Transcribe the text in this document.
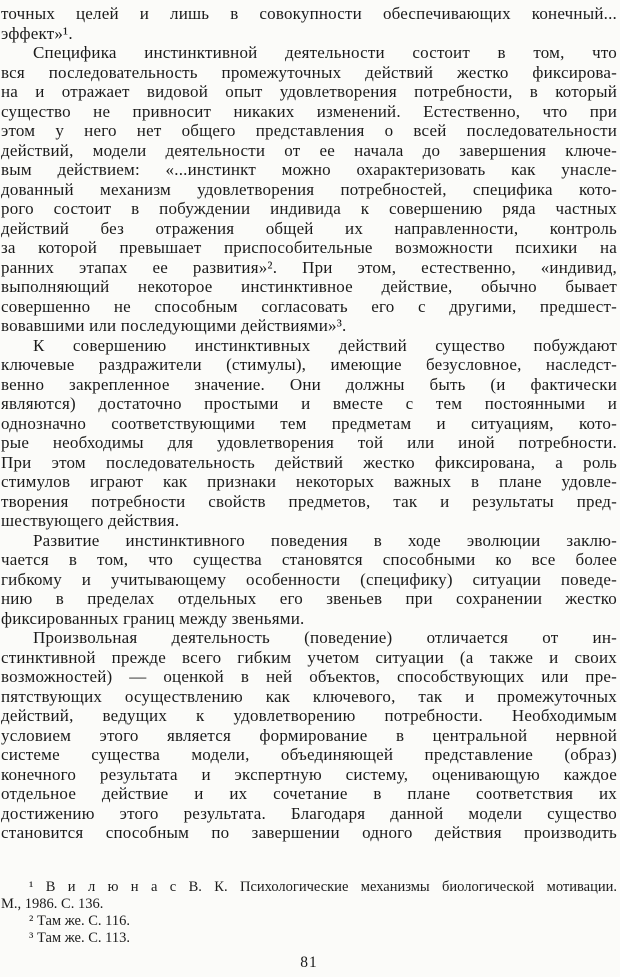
точных целей и лишь в совокупности обеспечивающих конечный...
эффект»¹.
Специфика инстинктивной деятельности состоит в том, что
вся последовательность промежуточных действий жестко фиксирова-
на и отражает видовой опыт удовлетворения потребности, в который
существо не привносит никаких изменений. Естественно, что при
этом у него нет общего представления о всей последовательности
действий, модели деятельности от ее начала до завершения ключе-
вым действием: «...инстинкт можно охарактеризовать как унасле-
дованный механизм удовлетворения потребностей, специфика кото-
рого состоит в побуждении индивида к совершению ряда частных
действий без отражения общей их направленности, контроль
за которой превышает приспособительные возможности психики на
ранних этапах ее развития»². При этом, естественно, «индивид,
выполняющий некоторое инстинктивное действие, обычно бывает
совершенно не способным согласовать его с другими, предшест-
вовавшими или последующими действиями»³.
К совершению инстинктивных действий существо побуждают
ключевые раздражители (стимулы), имеющие безусловное, наследст-
венно закрепленное значение. Они должны быть (и фактически
являются) достаточно простыми и вместе с тем постоянными и
однозначно соответствующими тем предметам и ситуациям, кото-
рые необходимы для удовлетворения той или иной потребности.
При этом последовательность действий жестко фиксирована, а роль
стимулов играют как признаки некоторых важных в плане удовле-
творения потребности свойств предметов, так и результаты пред-
шествующего действия.
Развитие инстинктивного поведения в ходе эволюции заклю-
чается в том, что существа становятся способными ко все более
гибкому и учитывающему особенности (специфику) ситуации поведе-
нию в пределах отдельных его звеньев при сохранении жестко
фиксированных границ между звеньями.
Произвольная деятельность (поведение) отличается от ин-
стинктивной прежде всего гибким учетом ситуации (а также и своих
возможностей) — оценкой в ней объектов, способствующих или пре-
пятствующих осуществлению как ключевого, так и промежуточных
действий, ведущих к удовлетворению потребности. Необходимым
условием этого является формирование в центральной нервной
системе существа модели, объединяющей представление (образ)
конечного результата и экспертную систему, оценивающую каждое
отдельное действие и их сочетание в плане соответствия их
достижению этого результата. Благодаря данной модели существо
становится способным по завершении одного действия производить
¹ В и л ю н а с В. К. Психологические механизмы биологической мотивации.
М., 1986. С. 136.
² Там же. С. 116.
³ Там же. С. 113.
81
